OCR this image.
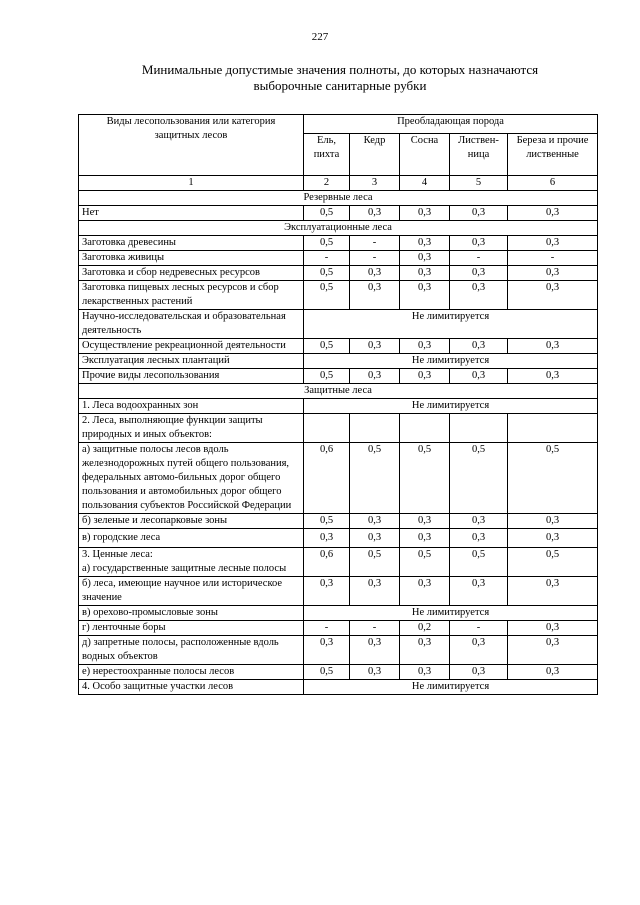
227
Минимальные допустимые значения полноты, до которых назначаются
выборочные санитарные рубки
Виды лесопользования или категория защитных лесов	Преобладающая порода				
	Ель, пихта	Кедр	Сосна	Листвен-ница	Береза и прочие лиственные
1	2	3	4	5	6
Резервные леса					
Нет	0,5	0,3	0,3	0,3	0,3
Эксплуатационные леса					
Заготовка древесины	0,5	-	0,3	0,3	0,3
Заготовка живицы	-	-	0,3	-	-
Заготовка и сбор недревесных ресурсов	0,5	0,3	0,3	0,3	0,3
Заготовка пищевых лесных ресурсов и сбор лекарственных растений	0,5	0,3	0,3	0,3	0,3
Научно-исследовательская и образовательная деятельность	Не лимитируется				
Осуществление рекреационной деятельности	0,5	0,3	0,3	0,3	0,3
Эксплуатация лесных плантаций	Не лимитируется				
Прочие виды лесопользования	0,5	0,3	0,3	0,3	0,3
Защитные леса					
1. Леса водоохранных зон	Не лимитируется				
2. Леса, выполняющие функции защиты природных и иных объектов:					
а) защитные полосы лесов вдоль железнодорожных путей общего пользования, федеральных автомо-бильных дорог общего пользования и автомобильных дорог общего пользования субъектов Российской Федерации	0,6	0,5	0,5	0,5	0,5
б) зеленые и лесопарковые зоны	0,5	0,3	0,3	0,3	0,3
в) городские леса	0,3	0,3	0,3	0,3	0,3

3. Ценные леса:
а) государственные защитные лесные полосы	0,6	0,5	0,5	0,5	0,5
б) леса, имеющие научное или историческое значение	0,3	0,3	0,3	0,3	0,3
в) орехово-промысловые зоны	Не лимитируется				
г) ленточные боры	-	-	0,2	-	0,3
д) запретные полосы, расположенные вдоль водных объектов	0,3	0,3	0,3	0,3	0,3
е) нерестоохранные полосы лесов	0,5	0,3	0,3	0,3	0,3
4. Особо защитные участки лесов	Не лимитируется				
